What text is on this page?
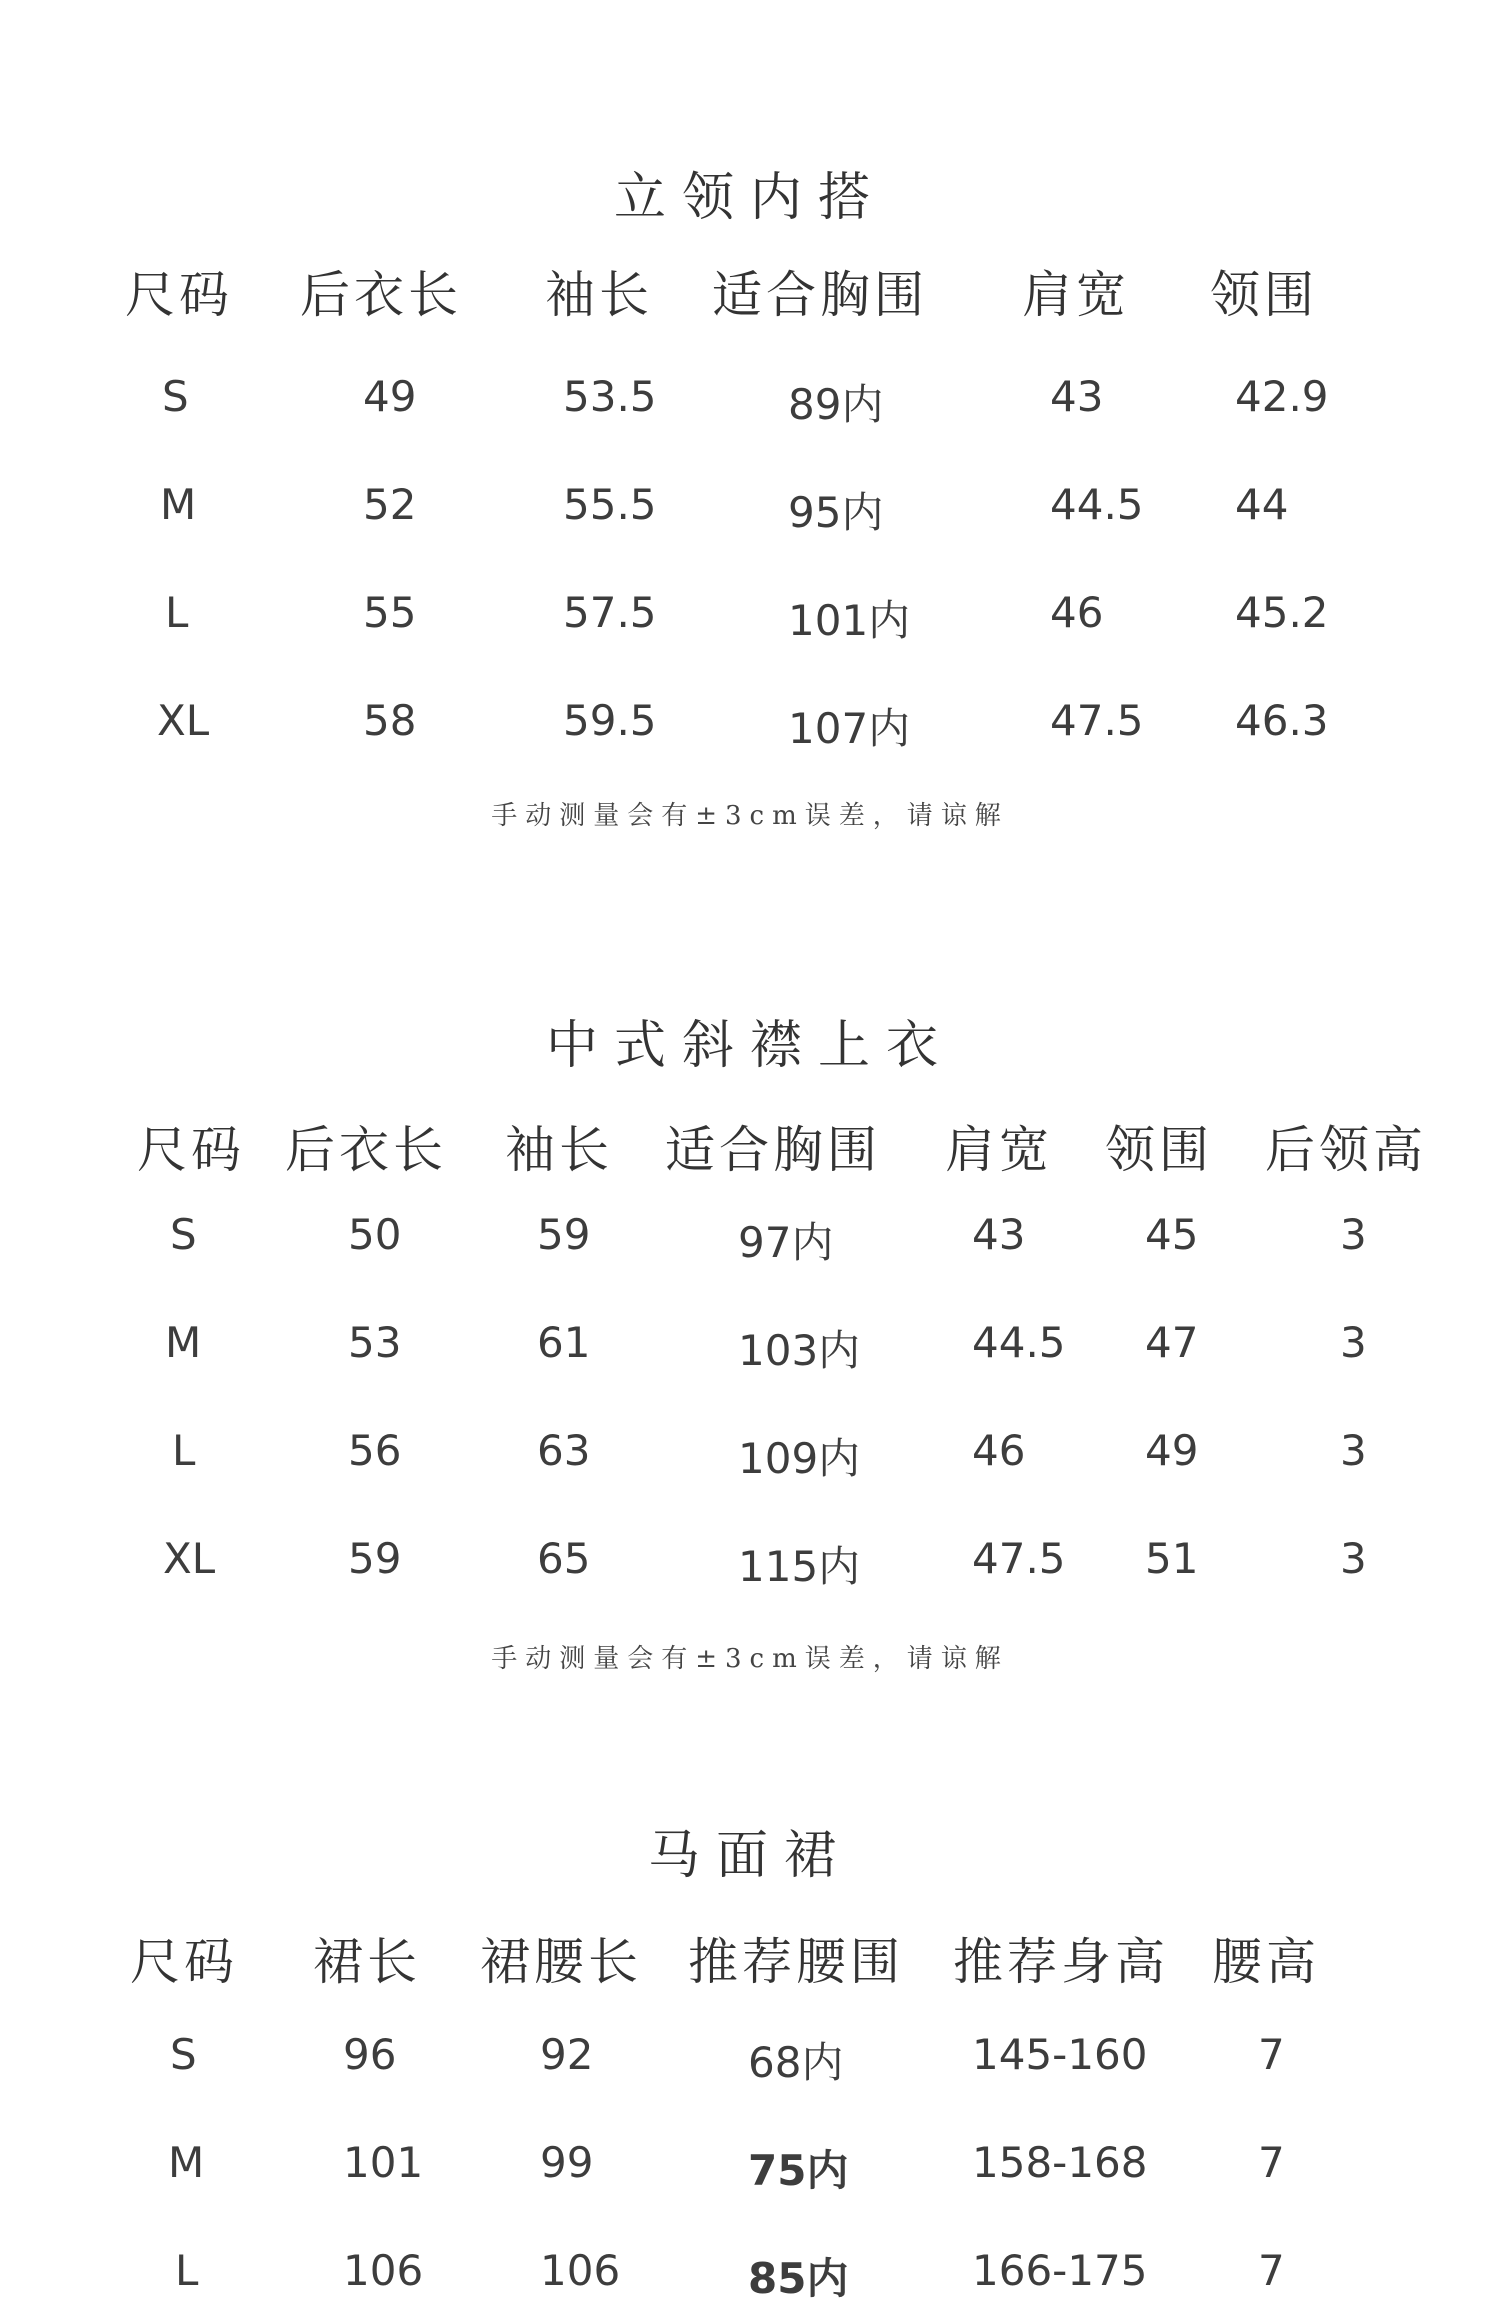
立领内搭
尺码 后衣长 袖长 适合胸围 肩宽 领围
S	49	53.5	89内	43	42.9
M	52	55.5	95内	44.5 44
L	55	57.5	101内	46	45.2
XL	58	59.5	107内	47.5 46.3
手动测量会有±3cm误差，请谅解
中式斜襟上衣
尺码 后衣长 袖长 适合胸围 肩宽 领围 后领高
S	50	59	97内	43	45	3
M	53	61	103内	44.5 47	3
L	56	63	109内	46	49	3
XL	59	65	115内	47.5 51	3
手动测量会有±3cm误差，请谅解
马面裙
尺码 裙长 裙腰长 推荐腰围 推荐身高 腰高
S	96	92	68内	145-160	7
M	101	99	75内	158-168	7
L	106	106	85内	166-175	7
